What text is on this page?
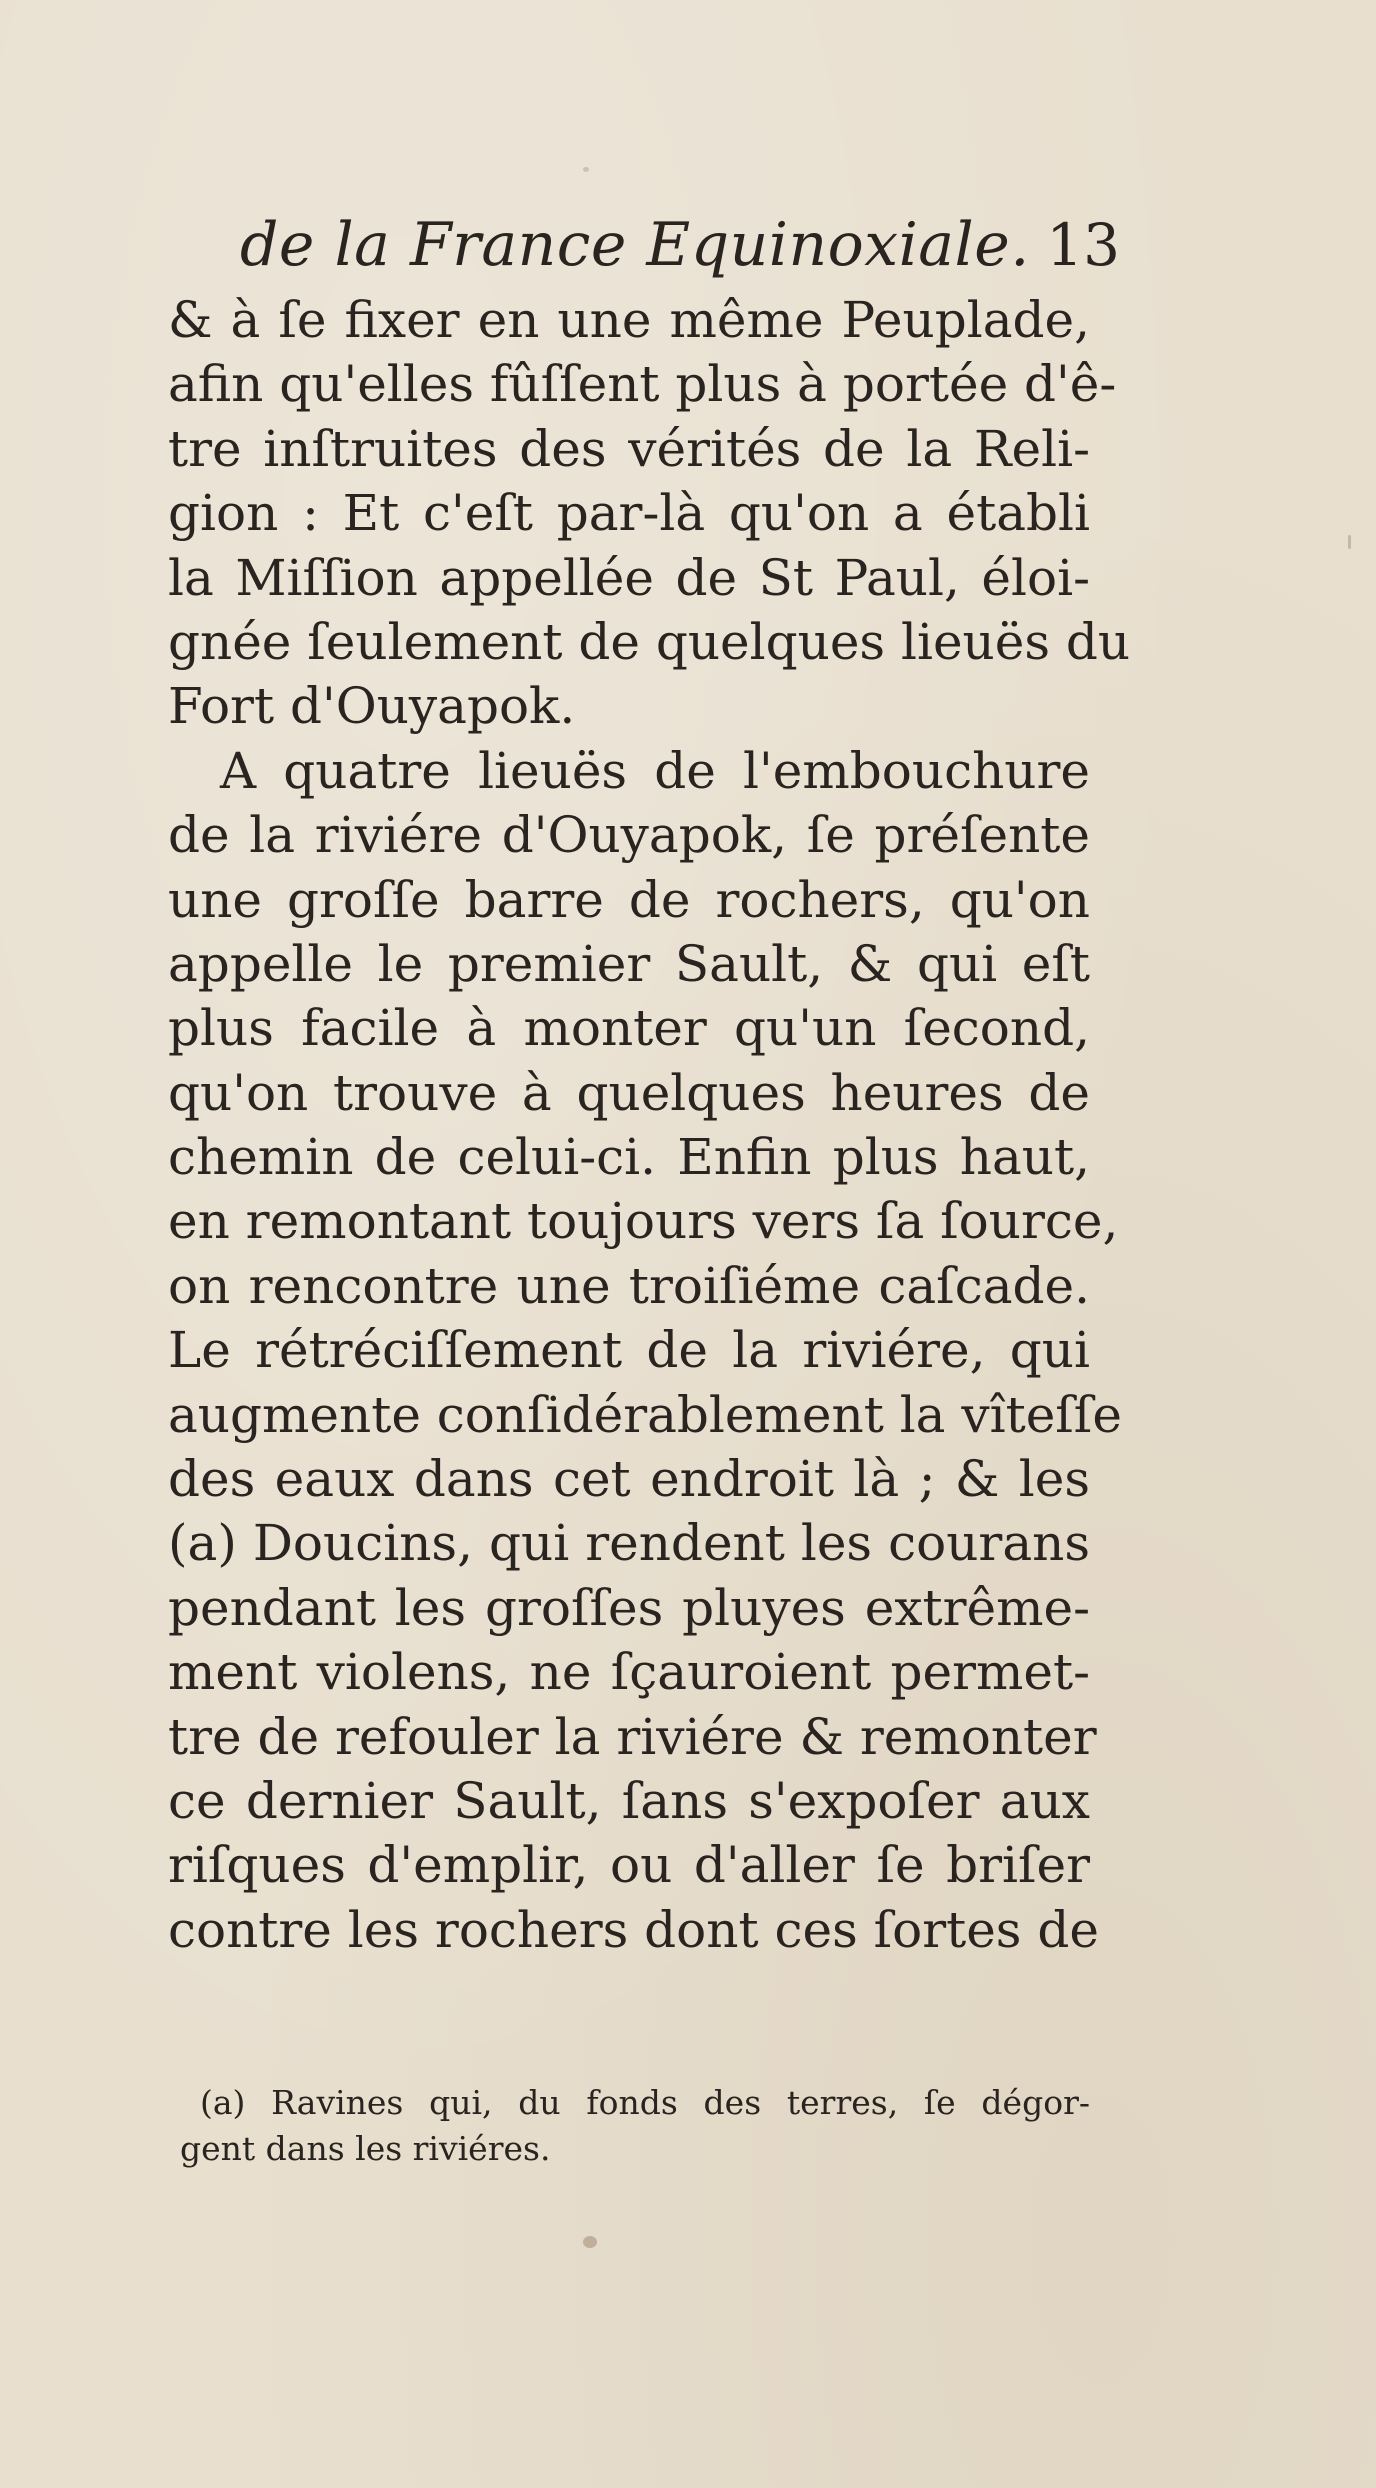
de la France Equinoxiale. 13
& à ſe fixer en une même Peuplade,
afin qu'elles fûſſent plus à portée d'ê-
tre inſtruites des vérités de la Reli-
gion : Et c'eſt par-là qu'on a établi
la Miſſion appellée de St Paul, éloi-
gnée ſeulement de quelques lieuës du
Fort d'Ouyapok.
A quatre lieuës de l'embouchure
de la riviére d'Ouyapok, ſe préſente
une groſſe barre de rochers, qu'on
appelle le premier Sault, & qui eſt
plus facile à monter qu'un ſecond,
qu'on trouve à quelques heures de
chemin de celui-ci. Enfin plus haut,
en remontant toujours vers ſa ſource,
on rencontre une troiſiéme caſcade.
Le rétréciſſement de la riviére, qui
augmente conſidérablement la vîteſſe
des eaux dans cet endroit là ; & les
(a) Doucins, qui rendent les courans
pendant les groſſes pluyes extrême-
ment violens, ne ſçauroient permet-
tre de refouler la riviére & remonter
ce dernier Sault, ſans s'expoſer aux
riſques d'emplir, ou d'aller ſe briſer
contre les rochers dont ces ſortes de
(a) Ravines qui, du fonds des terres, ſe dégor-
gent dans les riviéres.
